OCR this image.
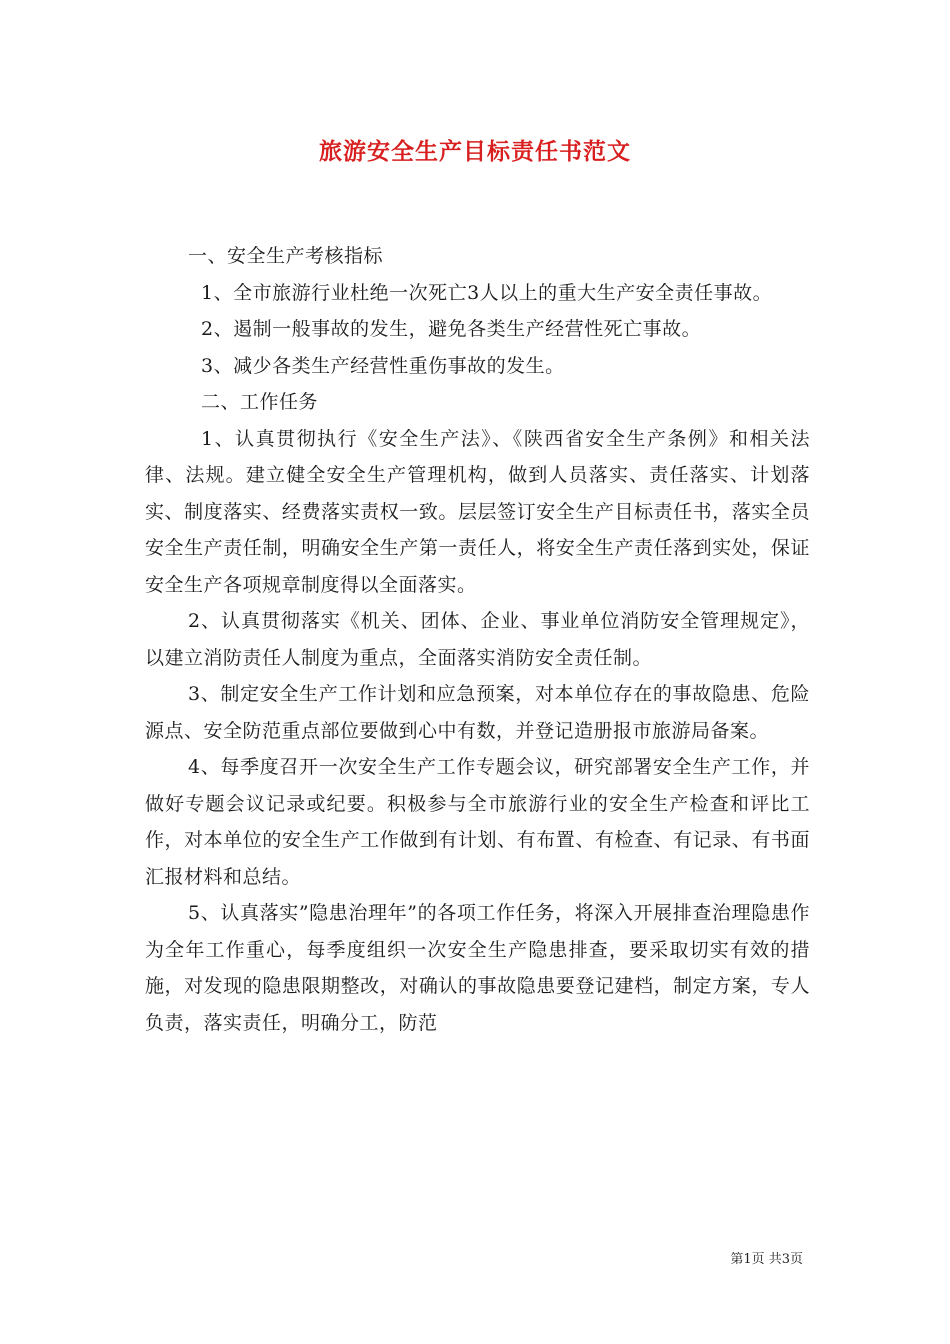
旅游安全生产目标责任书范文

一、安全生产考核指标

1、全市旅游行业杜绝一次死亡3人以上的重大生产安全责任事故。

2、遏制一般事故的发生，避免各类生产经营性死亡事故。

3、减少各类生产经营性重伤事故的发生。

二、工作任务

1、认真贯彻执行《安全生产法》、《陕西省安全生产条例》和相关法律、法规。建立健全安全生产管理机构，做到人员落实、责任落实、计划落实、制度落实、经费落实责权一致。层层签订安全生产目标责任书，落实全员安全生产责任制，明确安全生产第一责任人，将安全生产责任落到实处，保证安全生产各项规章制度得以全面落实。

2、认真贯彻落实《机关、团体、企业、事业单位消防安全管理规定》，以建立消防责任人制度为重点，全面落实消防安全责任制。

3、制定安全生产工作计划和应急预案，对本单位存在的事故隐患、危险源点、安全防范重点部位要做到心中有数，并登记造册报市旅游局备案。

4、每季度召开一次安全生产工作专题会议，研究部署安全生产工作，并做好专题会议记录或纪要。积极参与全市旅游行业的安全生产检查和评比工作，对本单位的安全生产工作做到有计划、有布置、有检查、有记录、有书面汇报材料和总结。

5、认真落实”隐患治理年”的各项工作任务，将深入开展排查治理隐患作为全年工作重心，每季度组织一次安全生产隐患排查，要采取切实有效的措施，对发现的隐患限期整改，对确认的事故隐患要登记建档，制定方案，专人负责，落实责任，明确分工，防范

第1页 共3页
